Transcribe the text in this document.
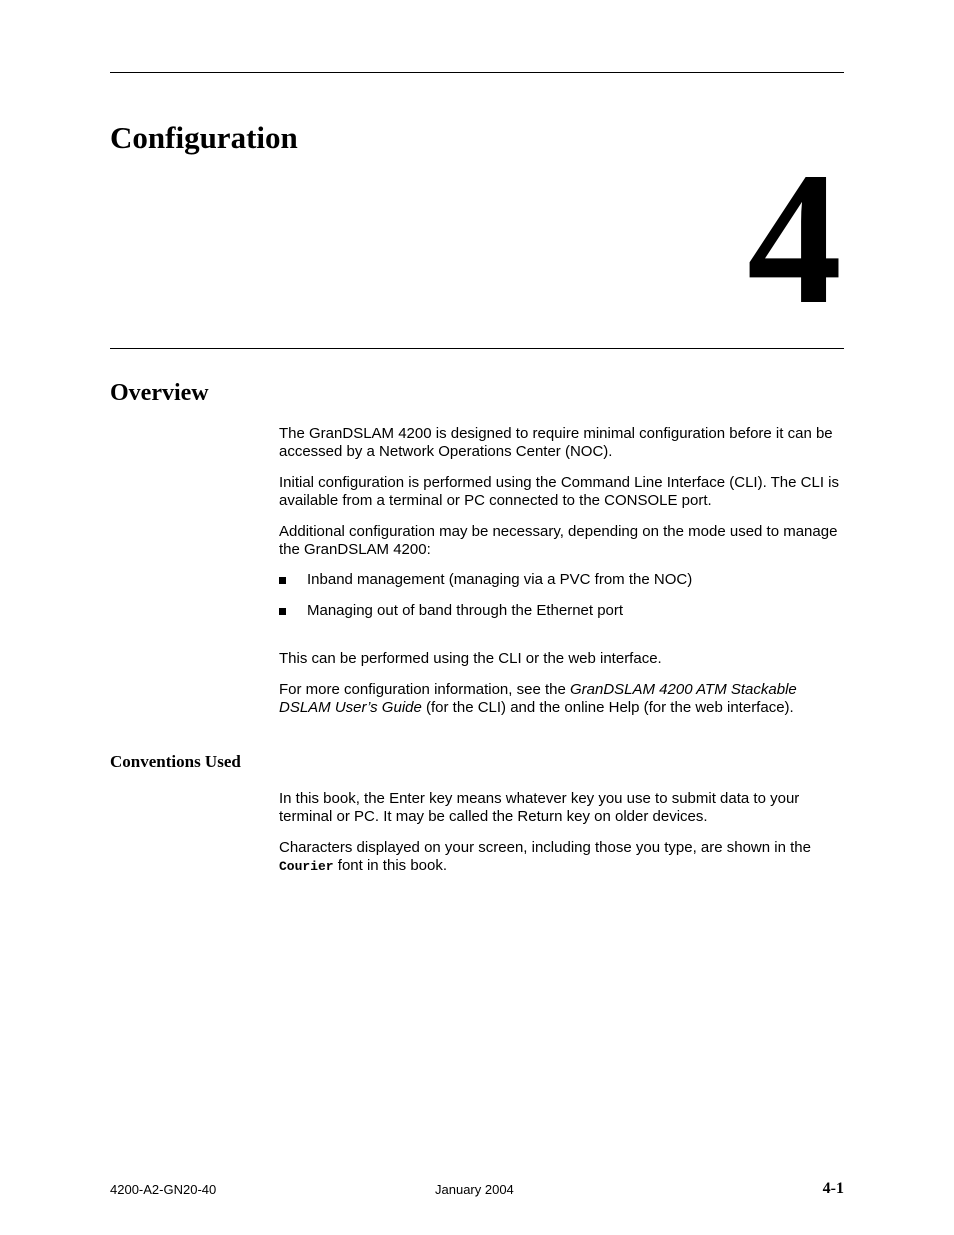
Configuration 4
Overview

The GranDSLAM 4200 is designed to require minimal configuration before it can be accessed by a Network Operations Center (NOC).

Initial configuration is performed using the Command Line Interface (CLI). The CLI is available from a terminal or PC connected to the CONSOLE port.

Additional configuration may be necessary, depending on the mode used to manage the GranDSLAM 4200:

Inband management (managing via a PVC from the NOC)
Managing out of band through the Ethernet port

This can be performed using the CLI or the web interface.

For more configuration information, see the GranDSLAM 4200 ATM Stackable DSLAM User’s Guide (for the CLI) and the online Help (for the web interface).

Conventions Used

In this book, the Enter key means whatever key you use to submit data to your terminal or PC. It may be called the Return key on older devices.

Characters displayed on your screen, including those you type, are shown in the Courier font in this book.

4200-A2-GN20-40	January 2004	4-1
